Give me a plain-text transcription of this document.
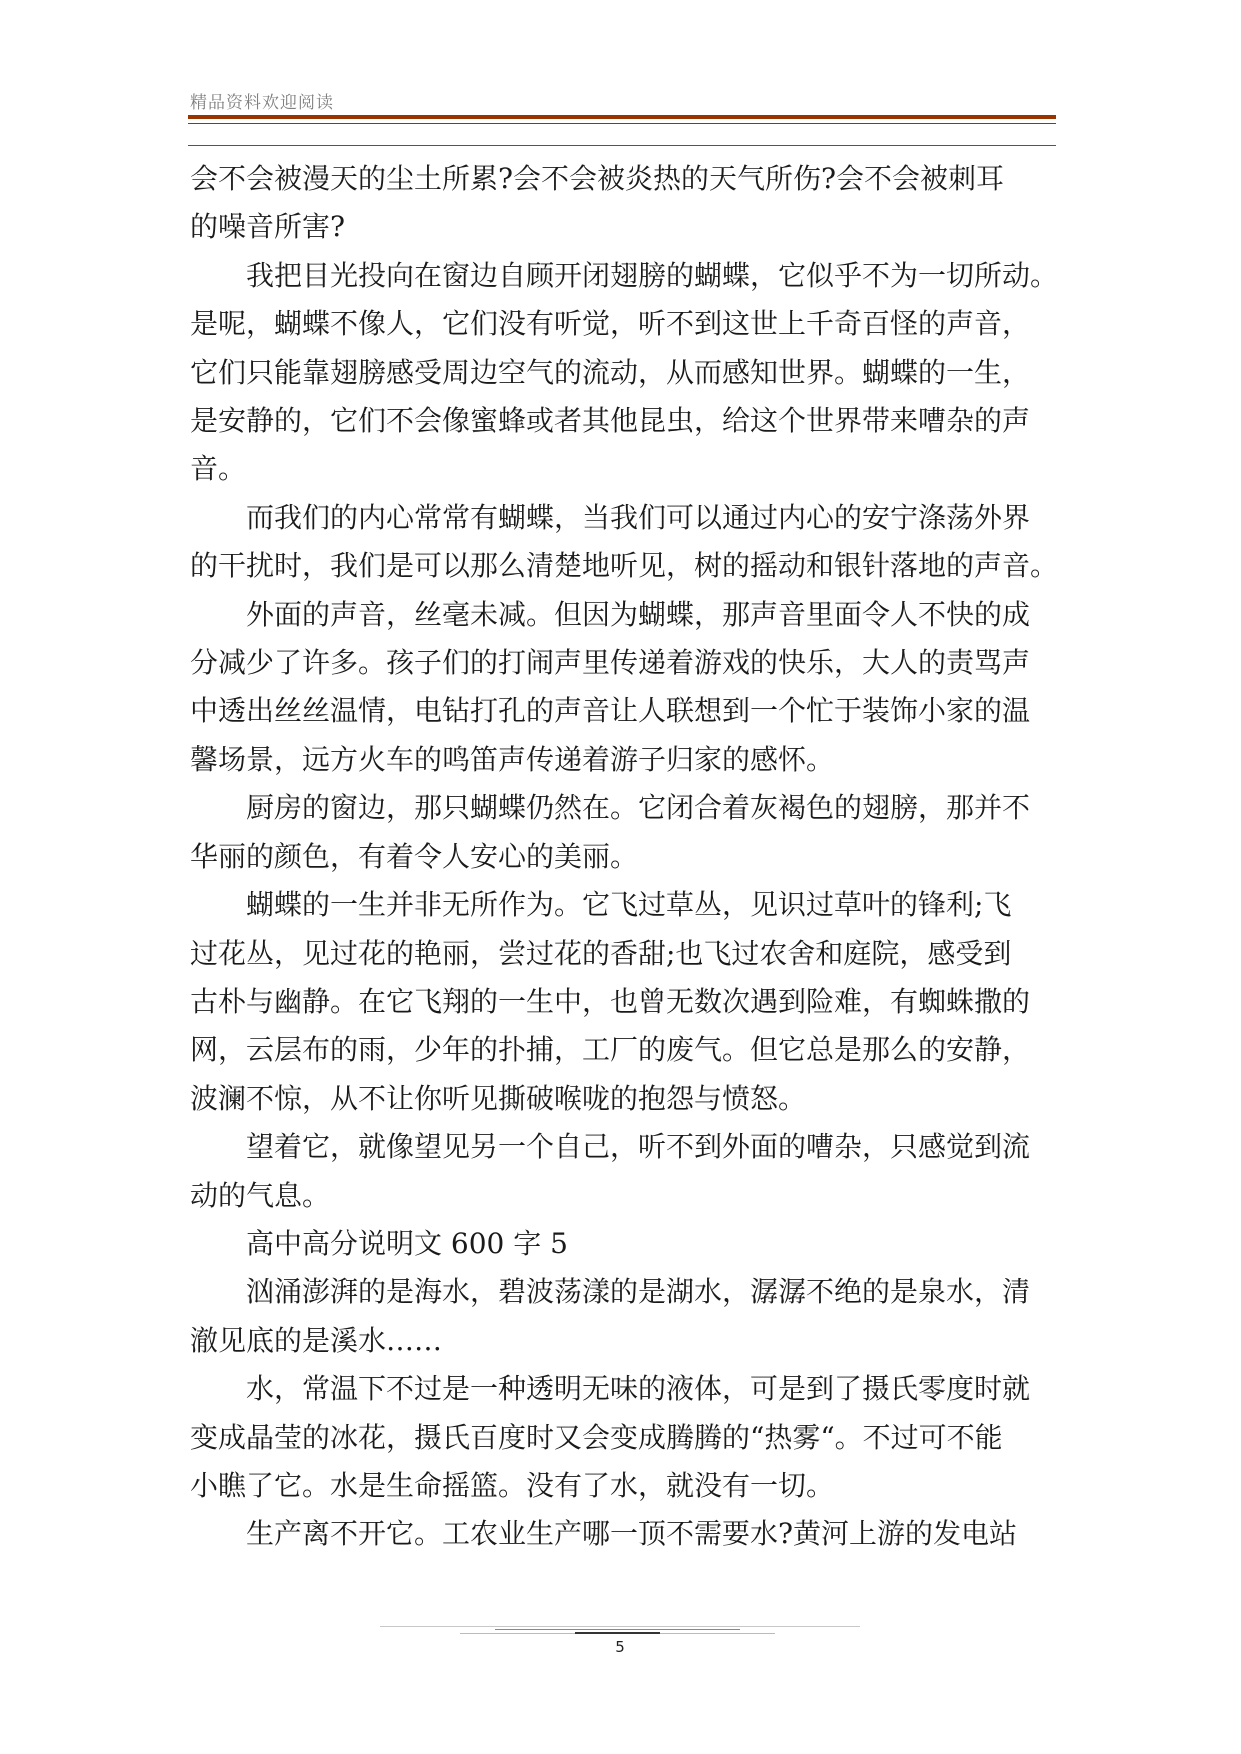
精品资料欢迎阅读

会不会被漫天的尘土所累?会不会被炎热的天气所伤?会不会被刺耳

的噪音所害?

我把目光投向在窗边自顾开闭翅膀的蝴蝶，它似乎不为一切所动。

是呢，蝴蝶不像人，它们没有听觉，听不到这世上千奇百怪的声音，

它们只能靠翅膀感受周边空气的流动，从而感知世界。蝴蝶的一生，

是安静的，它们不会像蜜蜂或者其他昆虫，给这个世界带来嘈杂的声

音。

而我们的内心常常有蝴蝶，当我们可以通过内心的安宁涤荡外界

的干扰时，我们是可以那么清楚地听见，树的摇动和银针落地的声音。

外面的声音，丝毫未减。但因为蝴蝶，那声音里面令人不快的成

分减少了许多。孩子们的打闹声里传递着游戏的快乐，大人的责骂声

中透出丝丝温情，电钻打孔的声音让人联想到一个忙于装饰小家的温

馨场景，远方火车的鸣笛声传递着游子归家的感怀。

厨房的窗边，那只蝴蝶仍然在。它闭合着灰褐色的翅膀，那并不

华丽的颜色，有着令人安心的美丽。

蝴蝶的一生并非无所作为。它飞过草丛，见识过草叶的锋利;飞

过花丛，见过花的艳丽，尝过花的香甜;也飞过农舍和庭院，感受到

古朴与幽静。在它飞翔的一生中，也曾无数次遇到险难，有蜘蛛撒的

网，云层布的雨，少年的扑捕，工厂的废气。但它总是那么的安静，

波澜不惊，从不让你听见撕破喉咙的抱怨与愤怒。

望着它，就像望见另一个自己，听不到外面的嘈杂，只感觉到流

动的气息。

高中高分说明文 600 字 5

汹涌澎湃的是海水，碧波荡漾的是湖水，潺潺不绝的是泉水，清

澈见底的是溪水……

水，常温下不过是一种透明无味的液体，可是到了摄氏零度时就

变成晶莹的冰花，摄氏百度时又会变成腾腾的“热雾“。不过可不能

小瞧了它。水是生命摇篮。没有了水，就没有一切。

生产离不开它。工农业生产哪一顶不需要水?黄河上游的发电站

5
